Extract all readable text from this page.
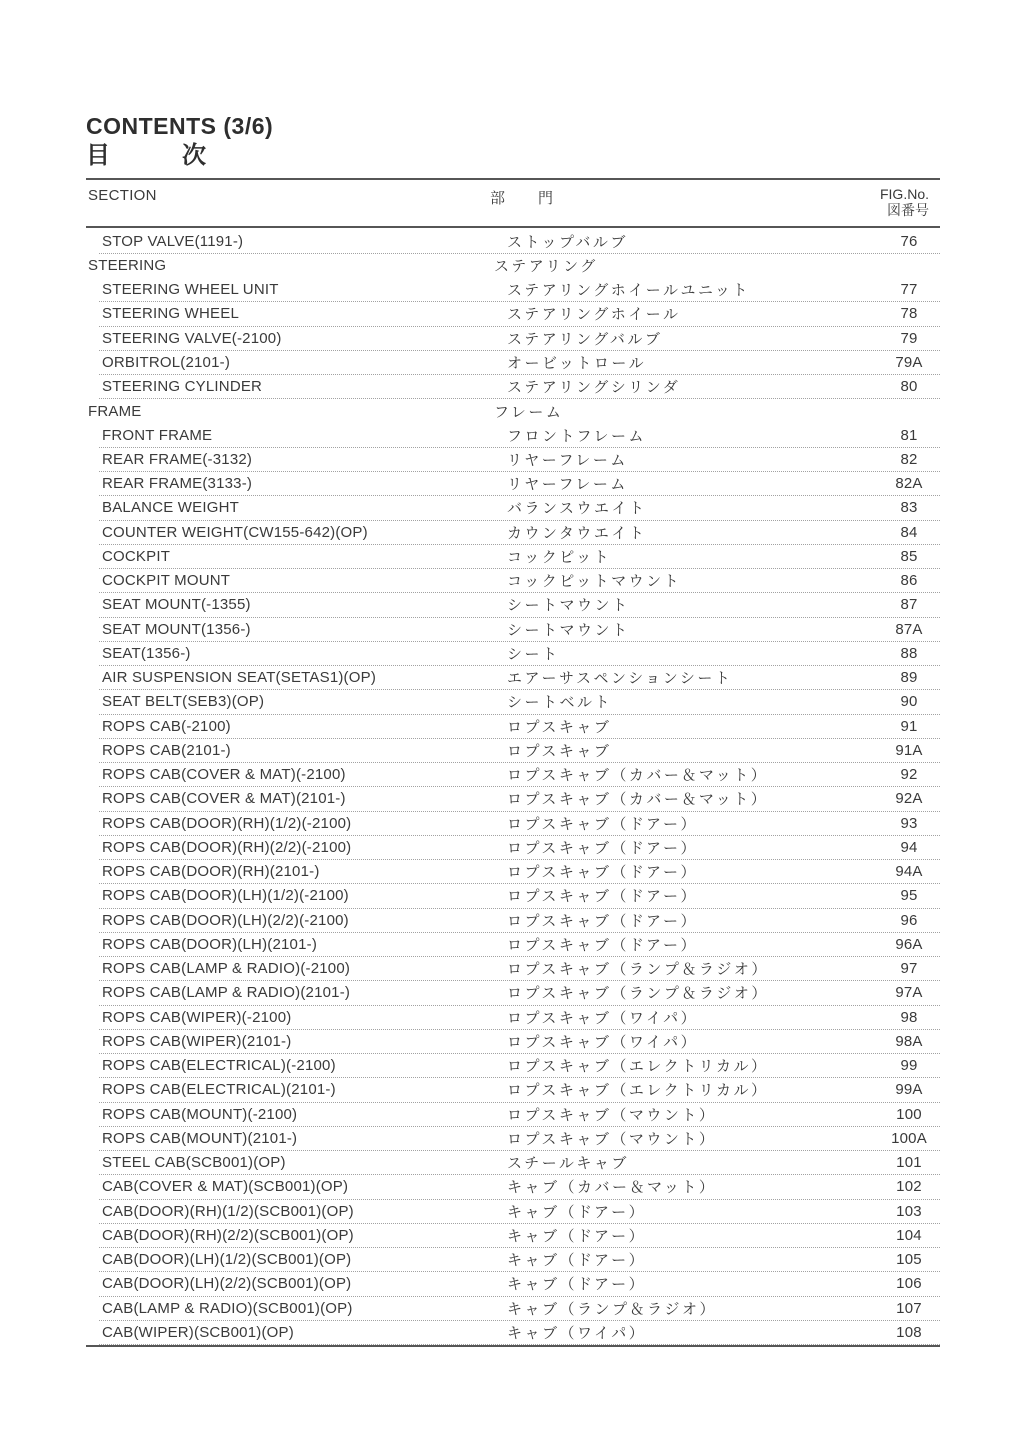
CONTENTS (3/6)
目　　　次
SECTION	部　　門	FIG.No.
図番号
STOP VALVE(1191-)	ストップバルブ	76
STEERING	ステアリング
STEERING WHEEL UNIT	ステアリングホイールユニット	77
STEERING WHEEL	ステアリングホイール	78
STEERING VALVE(-2100)	ステアリングバルブ	79
ORBITROL(2101-)	オービットロール	79A
STEERING CYLINDER	ステアリングシリンダ	80
FRAME	フレーム
FRONT FRAME	フロントフレーム	81
REAR FRAME(-3132)	リヤーフレーム	82
REAR FRAME(3133-)	リヤーフレーム	82A
BALANCE WEIGHT	バランスウエイト	83
COUNTER WEIGHT(CW155-642)(OP)	カウンタウエイト	84
COCKPIT	コックピット	85
COCKPIT MOUNT	コックピットマウント	86
SEAT MOUNT(-1355)	シートマウント	87
SEAT MOUNT(1356-)	シートマウント	87A
SEAT(1356-)	シート	88
AIR SUSPENSION SEAT(SETAS1)(OP)	エアーサスペンションシート	89
SEAT BELT(SEB3)(OP)	シートベルト	90
ROPS CAB(-2100)	ロプスキャブ	91
ROPS CAB(2101-)	ロプスキャブ	91A
ROPS CAB(COVER & MAT)(-2100)	ロプスキャブ（カバー＆マット）	92
ROPS CAB(COVER & MAT)(2101-)	ロプスキャブ（カバー＆マット）	92A
ROPS CAB(DOOR)(RH)(1/2)(-2100)	ロプスキャブ（ドアー）	93
ROPS CAB(DOOR)(RH)(2/2)(-2100)	ロプスキャブ（ドアー）	94
ROPS CAB(DOOR)(RH)(2101-)	ロプスキャブ（ドアー）	94A
ROPS CAB(DOOR)(LH)(1/2)(-2100)	ロプスキャブ（ドアー）	95
ROPS CAB(DOOR)(LH)(2/2)(-2100)	ロプスキャブ（ドアー）	96
ROPS CAB(DOOR)(LH)(2101-)	ロプスキャブ（ドアー）	96A
ROPS CAB(LAMP & RADIO)(-2100)	ロプスキャブ（ランプ＆ラジオ）	97
ROPS CAB(LAMP & RADIO)(2101-)	ロプスキャブ（ランプ＆ラジオ）	97A
ROPS CAB(WIPER)(-2100)	ロプスキャブ（ワイパ）	98
ROPS CAB(WIPER)(2101-)	ロプスキャブ（ワイパ）	98A
ROPS CAB(ELECTRICAL)(-2100)	ロプスキャブ（エレクトリカル）	99
ROPS CAB(ELECTRICAL)(2101-)	ロプスキャブ（エレクトリカル）	99A
ROPS CAB(MOUNT)(-2100)	ロプスキャブ（マウント）	100
ROPS CAB(MOUNT)(2101-)	ロプスキャブ（マウント）	100A
STEEL CAB(SCB001)(OP)	スチールキャブ	101
CAB(COVER & MAT)(SCB001)(OP)	キャブ（カバー＆マット）	102
CAB(DOOR)(RH)(1/2)(SCB001)(OP)	キャブ（ドアー）	103
CAB(DOOR)(RH)(2/2)(SCB001)(OP)	キャブ（ドアー）	104
CAB(DOOR)(LH)(1/2)(SCB001)(OP)	キャブ（ドアー）	105
CAB(DOOR)(LH)(2/2)(SCB001)(OP)	キャブ（ドアー）	106
CAB(LAMP & RADIO)(SCB001)(OP)	キャブ（ランプ＆ラジオ）	107
CAB(WIPER)(SCB001)(OP)	キャブ（ワイパ）	108
